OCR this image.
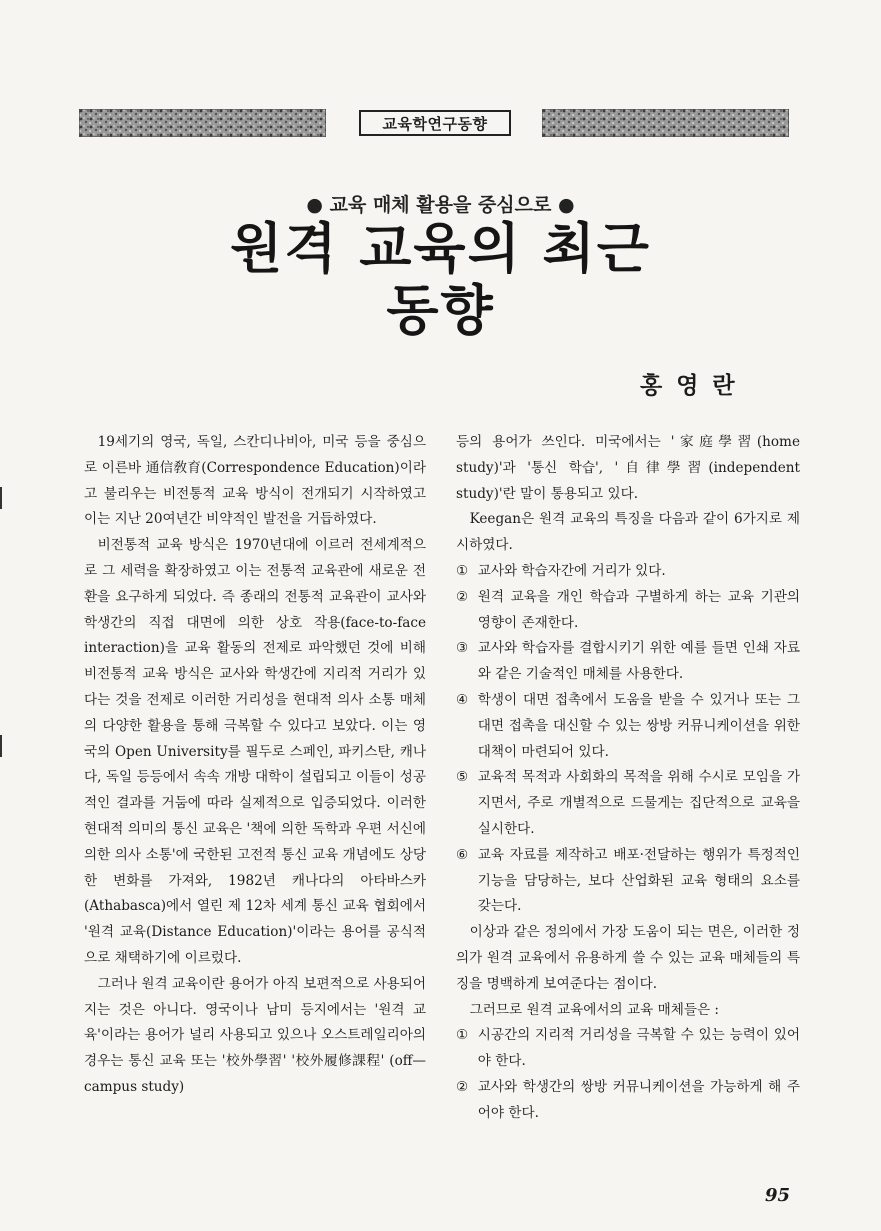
교육학연구동향
● 교육 매체 활용을 중심으로 ●
원격 교육의 최근
동향
홍영란

19세기의 영국, 독일, 스칸디나비아, 미국 등을 중심으로 이른바 通信敎育(Correspondence Education)이라고 불리우는 비전통적 교육 방식이 전개되기 시작하였고 이는 지난 20여년간 비약적인 발전을 거듭하였다.

비전통적 교육 방식은 1970년대에 이르러 전세계적으로 그 세력을 확장하였고 이는 전통적 교육관에 새로운 전환을 요구하게 되었다. 즉 종래의 전통적 교육관이 교사와 학생간의 직접 대면에 의한 상호 작용(face-to-face interaction)을 교육 활동의 전제로 파악했던 것에 비해 비전통적 교육 방식은 교사와 학생간에 지리적 거리가 있다는 것을 전제로 이러한 거리성을 현대적 의사 소통 매체의 다양한 활용을 통해 극복할 수 있다고 보았다. 이는 영국의 Open University를 필두로 스페인, 파키스탄, 캐나다, 독일 등등에서 속속 개방 대학이 설립되고 이들이 성공적인 결과를 거둠에 따라 실제적으로 입증되었다. 이러한 현대적 의미의 통신 교육은 '책에 의한 독학과 우편 서신에 의한 의사 소통'에 국한된 고전적 통신 교육 개념에도 상당한 변화를 가져와, 1982년 캐나다의 아타바스카(Athabasca)에서 열린 제 12차 세계 통신 교육 협회에서 '원격 교육(Distance Education)'이라는 용어를 공식적으로 채택하기에 이르렀다.

그러나 원격 교육이란 용어가 아직 보편적으로 사용되어지는 것은 아니다. 영국이나 남미 등지에서는 '원격 교육'이라는 용어가 널리 사용되고 있으나 오스트레일리아의 경우는 통신 교육 또는 '校外學習' '校外履修課程' (off—campus study)

등의 용어가 쓰인다. 미국에서는 '家庭學習(home study)'과 '통신 학습', '自律學習(independent study)'란 말이 통용되고 있다.

Keegan은 원격 교육의 특징을 다음과 같이 6가지로 제시하였다.

① 교사와 학습자간에 거리가 있다.
② 원격 교육을 개인 학습과 구별하게 하는 교육 기관의 영향이 존재한다.
③ 교사와 학습자를 결합시키기 위한 예를 들면 인쇄 자료와 같은 기술적인 매체를 사용한다.
④ 학생이 대면 접촉에서 도움을 받을 수 있거나 또는 그 대면 접촉을 대신할 수 있는 쌍방 커뮤니케이션을 위한 대책이 마련되어 있다.
⑤ 교육적 목적과 사회화의 목적을 위해 수시로 모임을 가지면서, 주로 개별적으로 드물게는 집단적으로 교육을 실시한다.
⑥ 교육 자료를 제작하고 배포·전달하는 행위가 특정적인 기능을 담당하는, 보다 산업화된 교육 형태의 요소를 갖는다.

이상과 같은 정의에서 가장 도움이 되는 면은, 이러한 정의가 원격 교육에서 유용하게 쓸 수 있는 교육 매체들의 특징을 명백하게 보여준다는 점이다.

그러므로 원격 교육에서의 교육 매체들은 :

① 시공간의 지리적 거리성을 극복할 수 있는 능력이 있어야 한다.
② 교사와 학생간의 쌍방 커뮤니케이션을 가능하게 해 주어야 한다.
95
